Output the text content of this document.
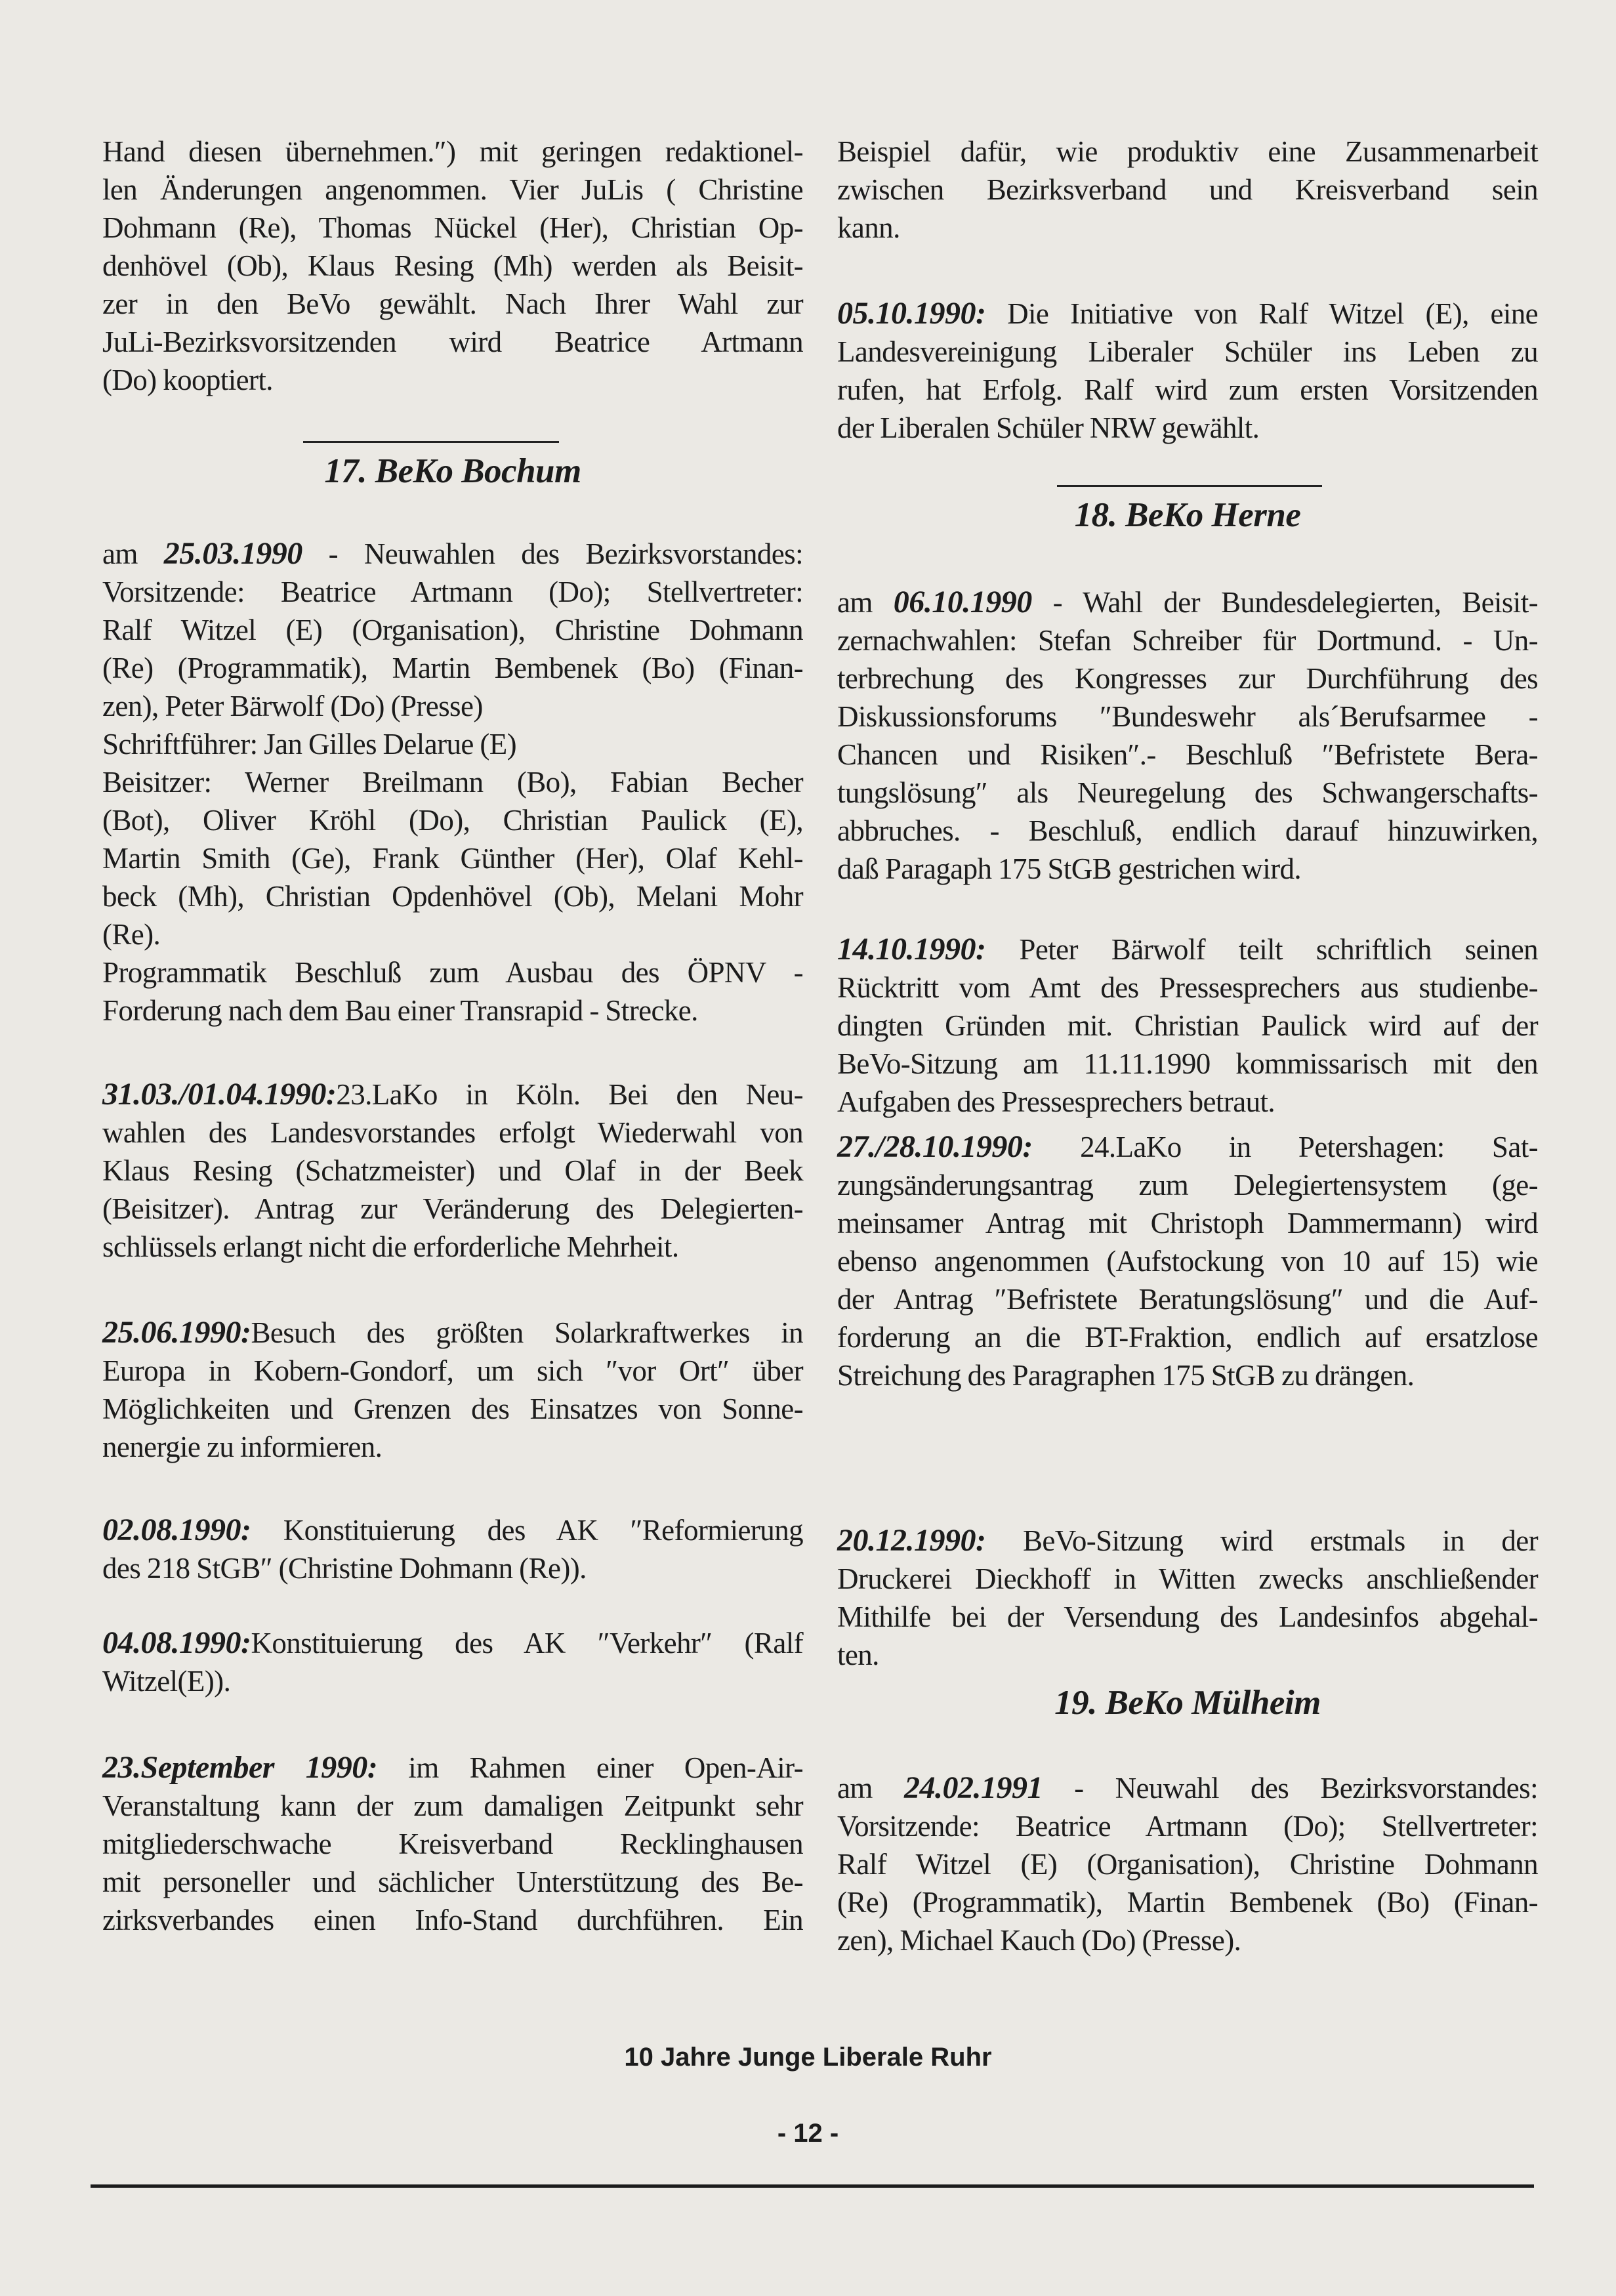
Hand diesen übernehmen.″) mit geringen redaktionel-
len Änderungen angenommen. Vier JuLis ( Christine
Dohmann (Re), Thomas Nückel (Her), Christian Op-
denhövel (Ob), Klaus Resing (Mh) werden als Beisit-
zer in den BeVo gewählt. Nach Ihrer Wahl zur
JuLi-Bezirksvorsitzenden wird Beatrice Artmann
(Do) kooptiert.
17. BeKo Bochum
am 25.03.1990 - Neuwahlen des Bezirksvorstandes:
Vorsitzende: Beatrice Artmann (Do); Stellvertreter:
Ralf Witzel (E) (Organisation), Christine Dohmann
(Re) (Programmatik), Martin Bembenek (Bo) (Finan-
zen), Peter Bärwolf (Do) (Presse)
Schriftführer: Jan Gilles Delarue (E)
Beisitzer: Werner Breilmann (Bo), Fabian Becher
(Bot), Oliver Kröhl (Do), Christian Paulick (E),
Martin Smith (Ge), Frank Günther (Her), Olaf Kehl-
beck (Mh), Christian Opdenhövel (Ob), Melani Mohr
(Re).
Programmatik Beschluß zum Ausbau des ÖPNV -
Forderung nach dem Bau einer Transrapid - Strecke.
31.03./01.04.1990:23.LaKo in Köln. Bei den Neu-
wahlen des Landesvorstandes erfolgt Wiederwahl von
Klaus Resing (Schatzmeister) und Olaf in der Beek
(Beisitzer). Antrag zur Veränderung des Delegierten-
schlüssels erlangt nicht die erforderliche Mehrheit.
25.06.1990:Besuch des größten Solarkraftwerkes in
Europa in Kobern-Gondorf, um sich ″vor Ort″ über
Möglichkeiten und Grenzen des Einsatzes von Sonne-
nenergie zu informieren.
02.08.1990: Konstituierung des AK ″Reformierung
des 218 StGB″ (Christine Dohmann (Re)).
04.08.1990:Konstituierung des AK ″Verkehr″ (Ralf
Witzel(E)).
23.September 1990: im Rahmen einer Open-Air-
Veranstaltung kann der zum damaligen Zeitpunkt sehr
mitgliederschwache Kreisverband Recklinghausen
mit personeller und sächlicher Unterstützung des Be-
zirksverbandes einen Info-Stand durchführen. Ein
Beispiel dafür, wie produktiv eine Zusammenarbeit
zwischen Bezirksverband und Kreisverband sein
kann.
05.10.1990: Die Initiative von Ralf Witzel (E), eine
Landesvereinigung Liberaler Schüler ins Leben zu
rufen, hat Erfolg. Ralf wird zum ersten Vorsitzenden
der Liberalen Schüler NRW gewählt.
18. BeKo Herne
am 06.10.1990 - Wahl der Bundesdelegierten, Beisit-
zernachwahlen: Stefan Schreiber für Dortmund. - Un-
terbrechung des Kongresses zur Durchführung des
Diskussionsforums ″Bundeswehr als´Berufsarmee -
Chancen und Risiken″.- Beschluß ″Befristete Bera-
tungslösung″ als Neuregelung des Schwangerschafts-
abbruches. - Beschluß, endlich darauf hinzuwirken,
daß Paragaph 175 StGB gestrichen wird.
14.10.1990: Peter Bärwolf teilt schriftlich seinen
Rücktritt vom Amt des Pressesprechers aus studienbe-
dingten Gründen mit. Christian Paulick wird auf der
BeVo-Sitzung am 11.11.1990 kommissarisch mit den
Aufgaben des Pressesprechers betraut.
27./28.10.1990: 24.LaKo in Petershagen: Sat-
zungsänderungsantrag zum Delegiertensystem (ge-
meinsamer Antrag mit Christoph Dammermann) wird
ebenso angenommen (Aufstockung von 10 auf 15) wie
der Antrag ″Befristete Beratungslösung″ und die Auf-
forderung an die BT-Fraktion, endlich auf ersatzlose
Streichung des Paragraphen 175 StGB zu drängen.
20.12.1990: BeVo-Sitzung wird erstmals in der
Druckerei Dieckhoff in Witten zwecks anschließender
Mithilfe bei der Versendung des Landesinfos abgehal-
ten.
19. BeKo Mülheim
am 24.02.1991 - Neuwahl des Bezirksvorstandes:
Vorsitzende: Beatrice Artmann (Do); Stellvertreter:
Ralf Witzel (E) (Organisation), Christine Dohmann
(Re) (Programmatik), Martin Bembenek (Bo) (Finan-
zen), Michael Kauch (Do) (Presse).
10 Jahre Junge Liberale Ruhr
- 12 -
